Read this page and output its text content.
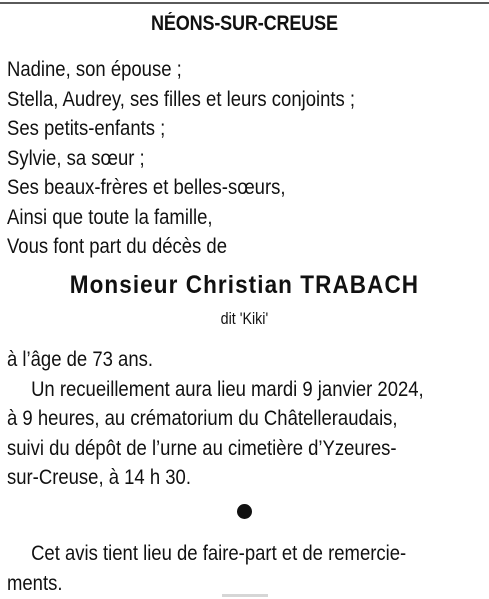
NÉONS-SUR-CREUSE
Nadine, son épouse ;
Stella, Audrey, ses filles et leurs conjoints ;
Ses petits-enfants ;
Sylvie, sa sœur ;
Ses beaux-frères et belles-sœurs,
Ainsi que toute la famille,
Vous font part du décès de
Monsieur Christian TRABACH
dit 'Kiki'
à l’âge de 73 ans.
Un recueillement aura lieu mardi 9 janvier 2024,
à 9 heures, au crématorium du Châtelleraudais,
suivi du dépôt de l’urne au cimetière d’Yzeures-
sur-Creuse, à 14 h 30.
Cet avis tient lieu de faire-part et de remercie-
ments.
